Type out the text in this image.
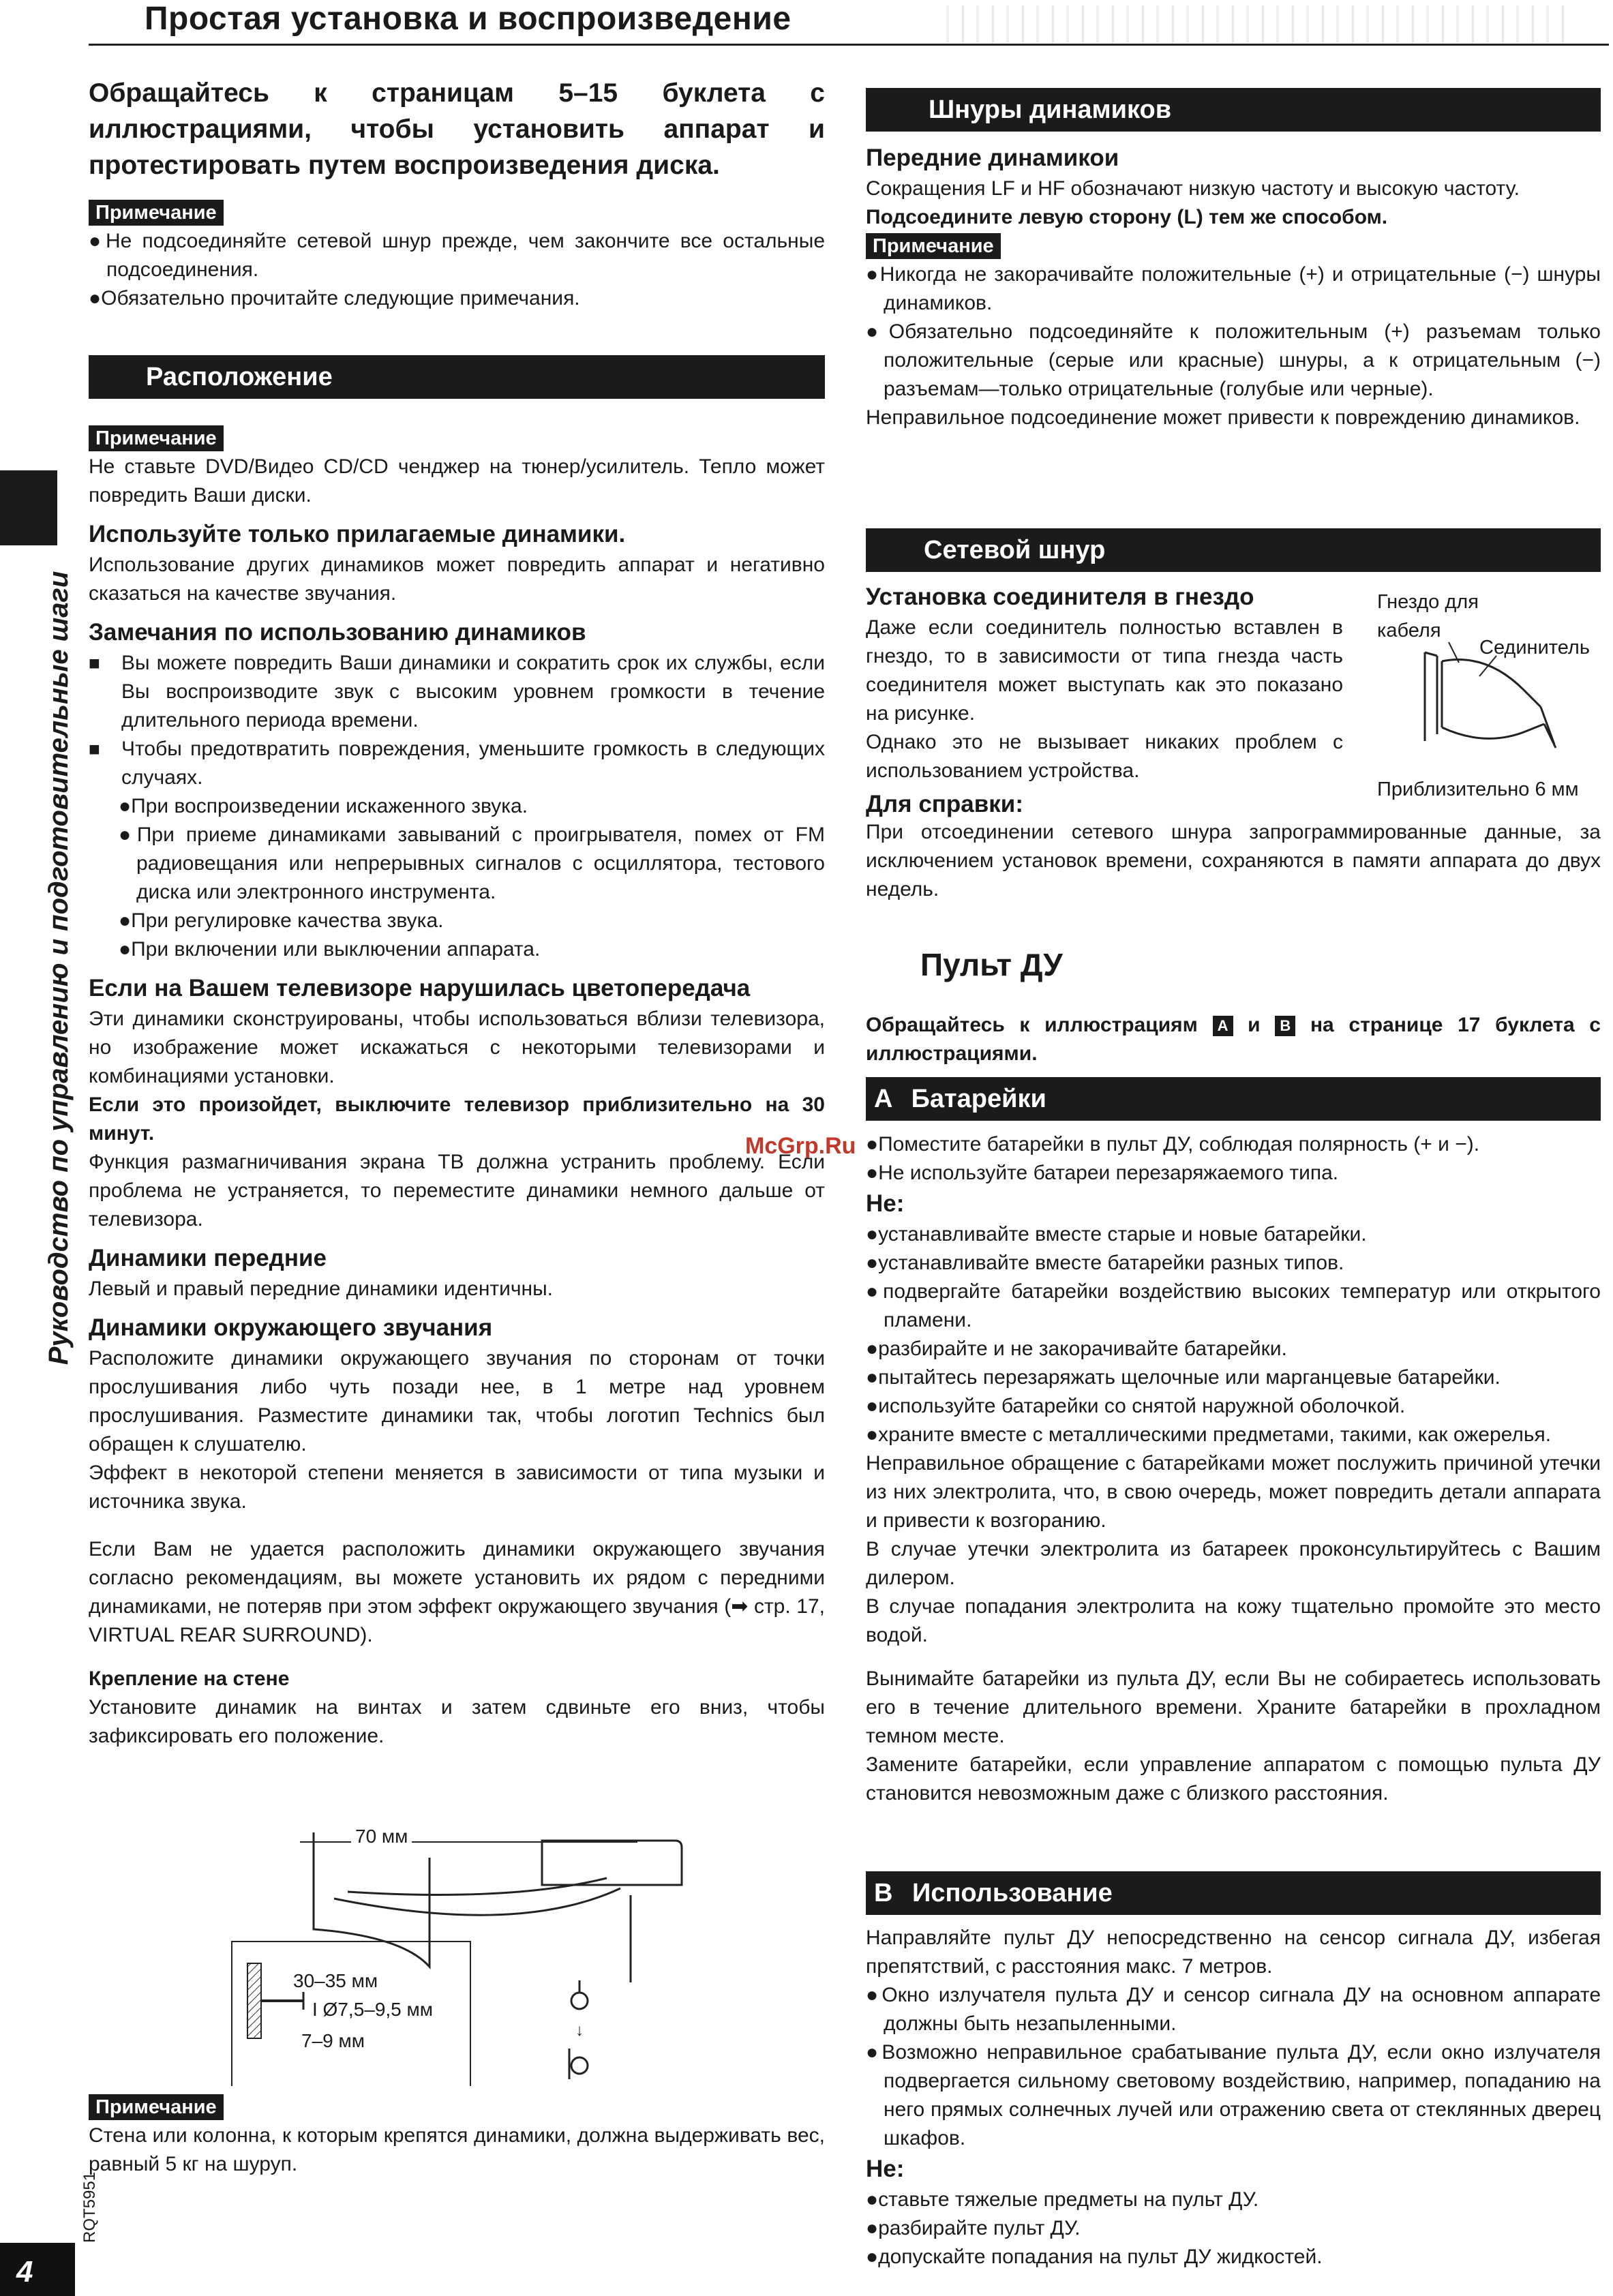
Простая установка и воспроизведение
Руководство по управлению и подготовительные шаги
RQT5951
4
McGrp.Ru

Обращайтесь к страницам 5–15 буклета с иллюстрациями, чтобы установить аппарат и протестировать путем воспроизведения диска.

Примечание

●Не подсоединяйте сетевой шнур прежде, чем закончите все остальные подсоединения.

●Обязательно прочитайте следующие примечания.

Расположение
Примечание

Не ставьте DVD/Видео CD/CD ченджер на тюнер/усилитель. Тепло может повредить Ваши диски.

Используйте только прилагаемые динамики.

Использование других динамиков может повредить аппарат и негативно сказаться на качестве звучания.

Замечания по использованию динамиков

■ Вы можете повредить Ваши динамики и сократить срок их службы, если Вы воспроизводите звук с высоким уровнем громкости в течение длительного периода времени.

■ Чтобы предотвратить повреждения, уменьшите громкость в следующих случаях.

●При воспроизведении искаженного звука.

●При приеме динамиками завываний с проигрывателя, помех от FM радиовещания или непрерывных сигналов с осциллятора, тестового диска или электронного инструмента.

●При регулировке качества звука.

●При включении или выключении аппарата.

Если на Вашем телевизоре нарушилась цветопередача

Эти динамики сконструированы, чтобы использоваться вблизи телевизора, но изображение может искажаться с некоторыми телевизорами и комбинациями установки.

Если это произойдет, выключите телевизор приблизительно на 30 минут.

Функция размагничивания экрана ТВ должна устранить проблему. Если проблема не устраняется, то переместите динамики немного дальше от телевизора.

Динамики передние

Левый и правый передние динамики идентичны.

Динамики окружающего звучания

Расположите динамики окружающего звучания по сторонам от точки прослушивания либо чуть позади нее, в 1 метре над уровнем прослушивания. Разместите динамики так, чтобы логотип Technics был обращен к слушателю.

Эффект в некоторой степени меняется в зависимости от типа музыки и источника звука.

Если Вам не удается расположить динамики окружающего звучания согласно рекомендациям, вы можете установить их рядом с передними динамиками, не потеряв при этом эффект окружающего звучания (➡ стр. 17, VIRTUAL REAR SURROUND).

Крепление на стене

Установите динамик на винтах и затем сдвиньте его вниз, чтобы зафиксировать его положение.

↓
70 мм
30–35 мм
I Ø7,5–9,5 мм
7–9 мм
Примечание

Стена или колонна, к которым крепятся динамики, должна выдерживать вес, равный 5 кг на шуруп.

Шнуры динамиков

Передние динамикои

Сокращения LF и HF обозначают низкую частоту и высокую частоту.

Подсоедините левую сторону (L) тем же способом.

Примечание

●Никогда не закорачивайте положительные (+) и отрицательные (−) шнуры динамиков.

●Обязательно подсоединяйте к положительным (+) разъемам только положительные (серые или красные) шнуры, а к отрицательным (−) разъемам—только отрицательные (голубые или черные).

Неправильное подсоединение может привести к повреждению динамиков.

Сетевой шнур

Установка соединителя в гнездо

Даже если соединитель полностью вставлен в гнездо, то в зависимости от типа гнезда часть соединителя может выступать как это показано на рисунке.

Однако это не вызывает никаких проблем с использованием устройства.

Для справки:

Гнездо для кабеля
Сединитель
Приблизительно 6 мм

При отсоединении сетевого шнура запрограммированные данные, за исключением установок времени, сохраняются в памяти аппарата до двух недель.

Пульт ДУ

Обращайтесь к иллюстрациям A и B на странице 17 буклета с иллюстрациями.

A Батарейки

●Поместите батарейки в пульт ДУ, соблюдая полярность (+ и −).

●Не используйте батареи перезаряжаемого типа.

Не:

●устанавливайте вместе старые и новые батарейки.

●устанавливайте вместе батарейки разных типов.

●подвергайте батарейки воздействию высоких температур или открытого пламени.

●разбирайте и не закорачивайте батарейки.

●пытайтесь перезаряжать щелочные или марганцевые батарейки.

●используйте батарейки со снятой наружной оболочкой.

●храните вместе с металлическими предметами, такими, как ожерелья.

Неправильное обращение с батарейками может послужить причиной утечки из них электролита, что, в свою очередь, может повредить детали аппарата и привести к возгоранию.

В случае утечки электролита из батареек проконсультируйтесь с Вашим дилером.

В случае попадания электролита на кожу тщательно промойте это место водой.

Вынимайте батарейки из пульта ДУ, если Вы не собираетесь использовать его в течение длительного времени. Храните батарейки в прохладном темном месте.

Замените батарейки, если управление аппаратом с помощью пульта ДУ становится невозможным даже с близкого расстояния.

B Использование

Направляйте пульт ДУ непосредственно на сенсор сигнала ДУ, избегая препятствий, с расстояния макс. 7 метров.

●Окно излучателя пульта ДУ и сенсор сигнала ДУ на основном аппарате должны быть незапыленными.

●Возможно неправильное срабатывание пульта ДУ, если окно излучателя подвергается сильному световому воздействию, например, попаданию на него прямых солнечных лучей или отражению света от стеклянных дверец шкафов.

Не:

●ставьте тяжелые предметы на пульт ДУ.

●разбирайте пульт ДУ.

●допускайте попадания на пульт ДУ жидкостей.
